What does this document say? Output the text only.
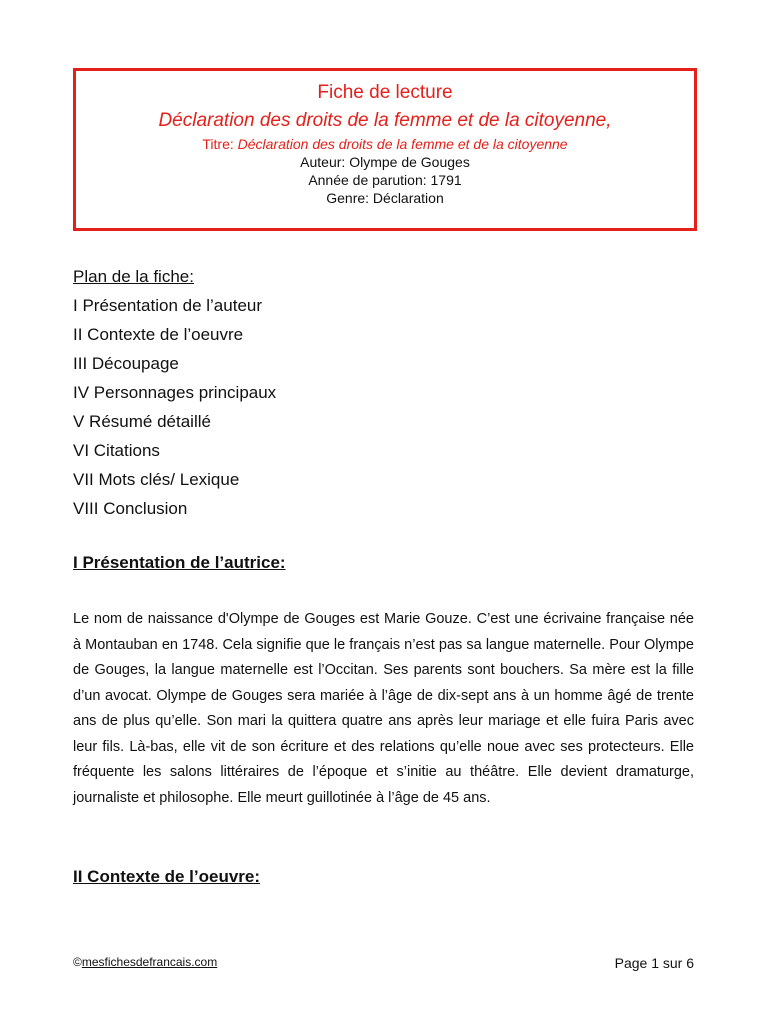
Fiche de lecture
Déclaration des droits de la femme et de la citoyenne,
Titre: Déclaration des droits de la femme et de la citoyenne
Auteur: Olympe de Gouges
Année de parution: 1791
Genre: Déclaration
Plan de la fiche:
I Présentation de l’auteur
II Contexte de l’oeuvre
III Découpage
IV Personnages principaux
V Résumé détaillé
VI Citations
VII Mots clés/ Lexique
VIII Conclusion
I Présentation de l’autrice:
Le nom de naissance d'Olympe de Gouges est Marie Gouze. C’est une écrivaine française née à Montauban en 1748. Cela signifie que le français n’est pas sa langue maternelle. Pour Olympe de Gouges, la langue maternelle est l’Occitan. Ses parents sont bouchers. Sa mère est la fille d’un avocat. Olympe de Gouges sera mariée à l’âge de dix-sept ans à un homme âgé de trente ans de plus qu’elle. Son mari la quittera quatre ans après leur mariage et elle fuira Paris avec leur fils. Là-bas, elle vit de son écriture et des relations qu’elle noue avec ses protecteurs. Elle fréquente les salons littéraires de l’époque et s’initie au théâtre. Elle devient dramaturge, journaliste et philosophe. Elle meurt guillotinée à l’âge de 45 ans.
II Contexte de l’oeuvre:
©mesfichesdefrancais.com	Page 1 sur 6
